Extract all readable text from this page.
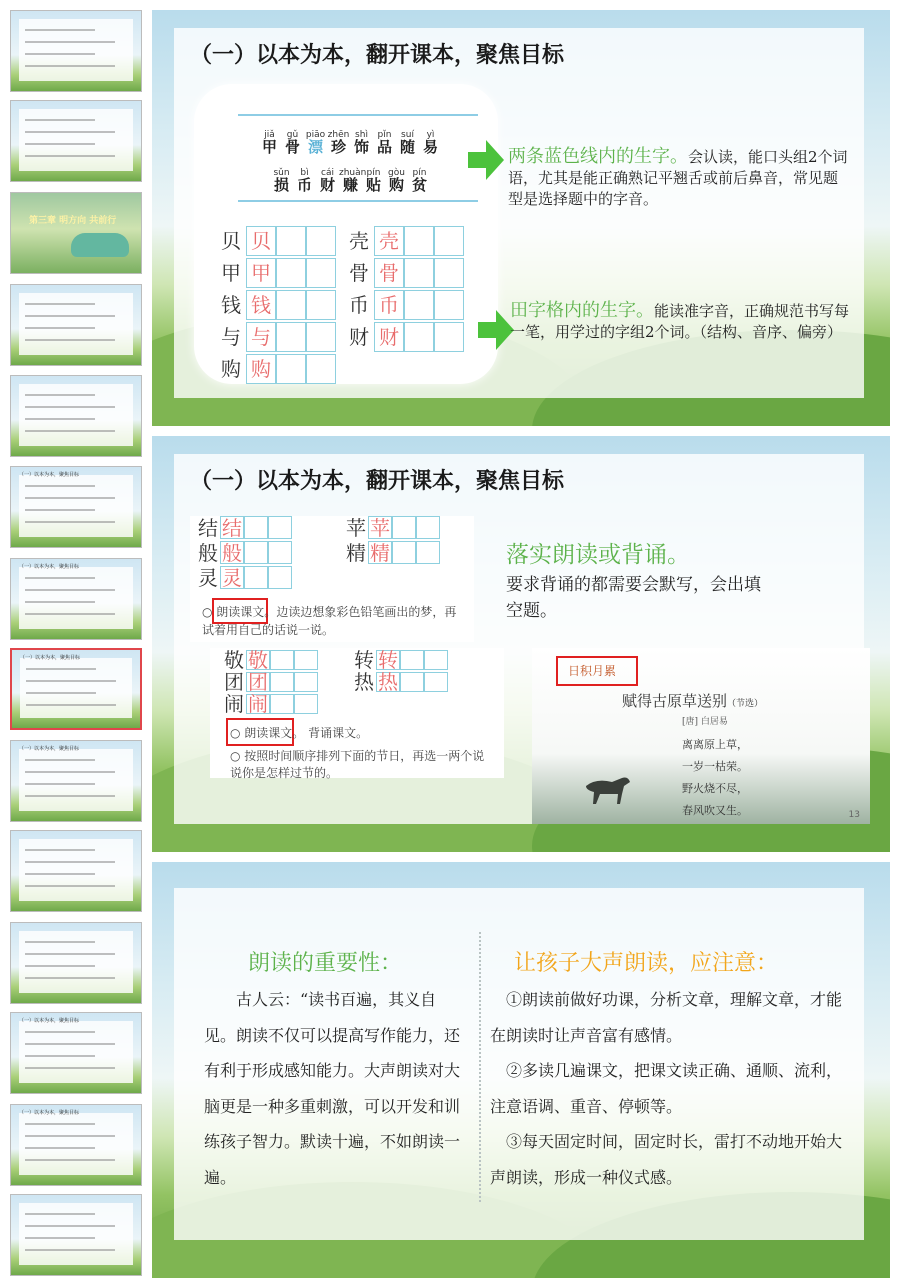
第三章 明方向 共前行
（一）以本为本，聚焦目标
（一）以本为本，聚焦目标
（一）以本为本，聚焦目标
（一）以本为本，聚焦目标
（一）以本为本，聚焦目标
（一）以本为本，聚焦目标
（一）以本为本，翻开课本，聚焦目标
jiǎ gǔ piāo zhēn shì pǐn suí yì
甲 骨 漂 珍 饰 品 随 易
sǔn bì cái zhuànpín gòu pín
损 币 财 赚 贴 购 贫
贝 贝	壳 壳
甲 甲	骨 骨
钱 钱	币 币
与 与	财 财
购 购
两条蓝色线内的生字。会认读，能口头组2个词语，尤其是能正确熟记平翘舌或前后鼻音，常见题型是选择题中的字音。
田字格内的生字。能读准字音，正确规范书写每一笔，用学过的字组2个词。（结构、音序、偏旁）
（一）以本为本，翻开课本，聚焦目标
结 结	苹 苹
般 般	精 精
灵 灵
○ 朗读课文。边读边想象彩色铅笔画出的梦，再试着用自己的话说一说。
敬 敬	转 转
团 团	热 热
闹 闹
○ 朗读课文。 背诵课文。
○ 按照时间顺序排列下面的节日，再选一两个说说你是怎样过节的。
落实朗读或背诵。
要求背诵的都需要会默写，会出填空题。
日积月累
赋得古原草送别（节选）
[唐] 白居易
离离原上草，
一岁一枯荣。
野火烧不尽，
春风吹又生。	13
朗读的重要性：
古人云：“读书百遍，其义自见。朗读不仅可以提高写作能力，还有利于形成感知能力。大声朗读对大脑更是一种多重刺激，可以开发和训练孩子智力。默读十遍，不如朗读一遍。
让孩子大声朗读，应注意：
①朗读前做好功课，分析文章，理解文章，才能在朗读时让声音富有感情。
②多读几遍课文，把课文读正确、通顺、流利，注意语调、重音、停顿等。
③每天固定时间，固定时长，雷打不动地开始大声朗读，形成一种仪式感。
